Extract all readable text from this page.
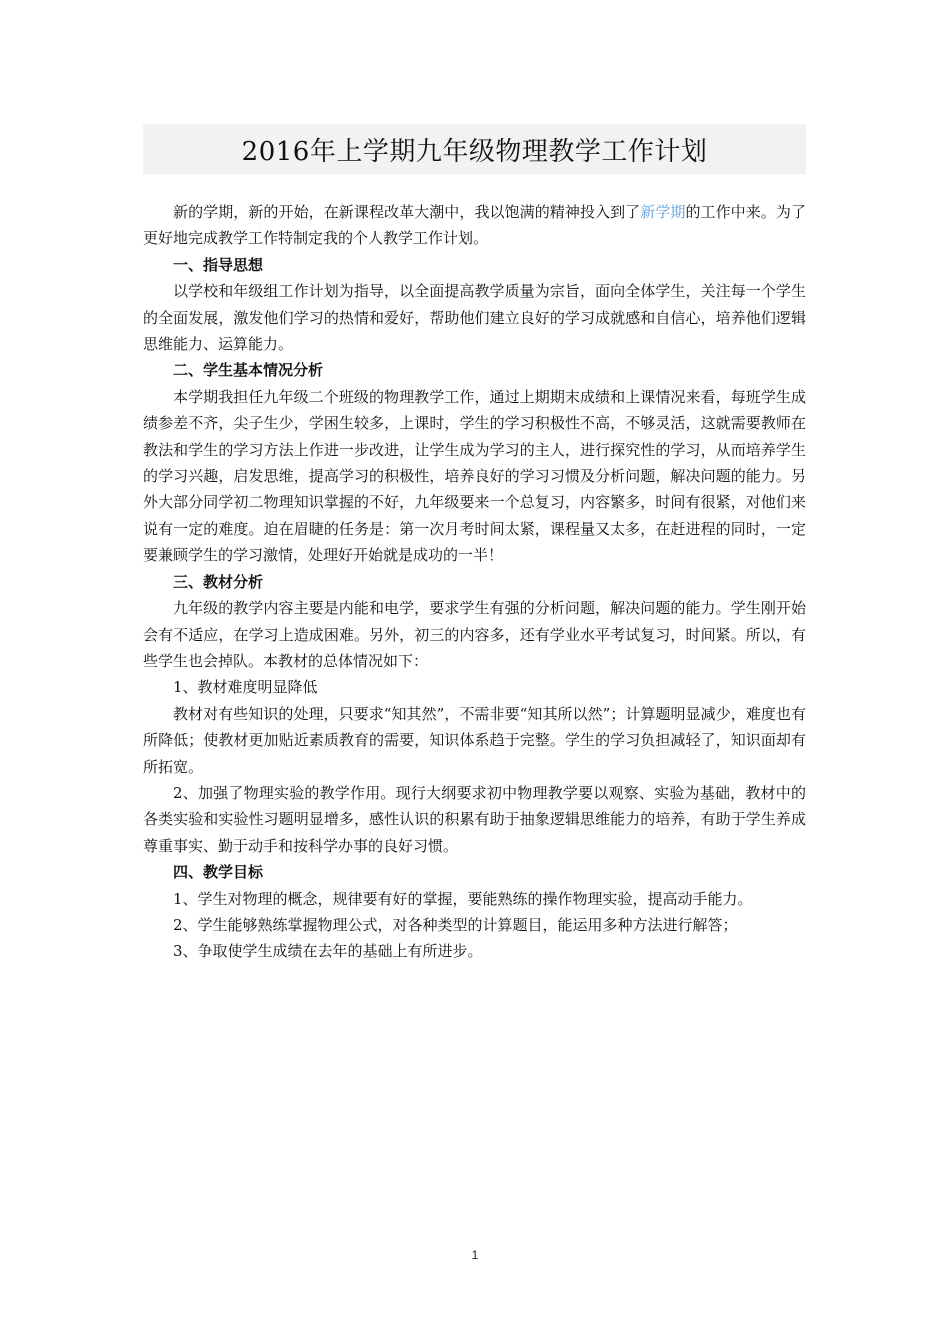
2016年上学期九年级物理教学工作计划

新的学期，新的开始，在新课程改革大潮中，我以饱满的精神投入到了新学期的工作中来。为了更好地完成教学工作特制定我的个人教学工作计划。

一、指导思想

以学校和年级组工作计划为指导，以全面提高教学质量为宗旨，面向全体学生，关注每一个学生的全面发展，激发他们学习的热情和爱好，帮助他们建立良好的学习成就感和自信心，培养他们逻辑思维能力、运算能力。

二、学生基本情况分析

本学期我担任九年级二个班级的物理教学工作，通过上期期末成绩和上课情况来看，每班学生成绩参差不齐，尖子生少，学困生较多，上课时，学生的学习积极性不高，不够灵活，这就需要教师在教法和学生的学习方法上作进一步改进，让学生成为学习的主人，进行探究性的学习，从而培养学生的学习兴趣，启发思维，提高学习的积极性，培养良好的学习习惯及分析问题，解决问题的能力。另外大部分同学初二物理知识掌握的不好，九年级要来一个总复习，内容繁多，时间有很紧，对他们来说有一定的难度。迫在眉睫的任务是：第一次月考时间太紧，课程量又太多，在赶进程的同时，一定要兼顾学生的学习激情，处理好开始就是成功的一半！

三、教材分析

九年级的教学内容主要是内能和电学，要求学生有强的分析问题，解决问题的能力。学生刚开始会有不适应，在学习上造成困难。另外，初三的内容多，还有学业水平考试复习，时间紧。所以，有些学生也会掉队。本教材的总体情况如下：

1、教材难度明显降低

教材对有些知识的处理，只要求“知其然”，不需非要“知其所以然”；计算题明显减少，难度也有所降低；使教材更加贴近素质教育的需要，知识体系趋于完整。学生的学习负担减轻了，知识面却有所拓宽。

2、加强了物理实验的教学作用。现行大纲要求初中物理教学要以观察、实验为基础，教材中的各类实验和实验性习题明显增多，感性认识的积累有助于抽象逻辑思维能力的培养，有助于学生养成尊重事实、勤于动手和按科学办事的良好习惯。

四、教学目标

1、学生对物理的概念，规律要有好的掌握，要能熟练的操作物理实验，提高动手能力。

2、学生能够熟练掌握物理公式，对各种类型的计算题目，能运用多种方法进行解答；

3、争取使学生成绩在去年的基础上有所进步。

1
